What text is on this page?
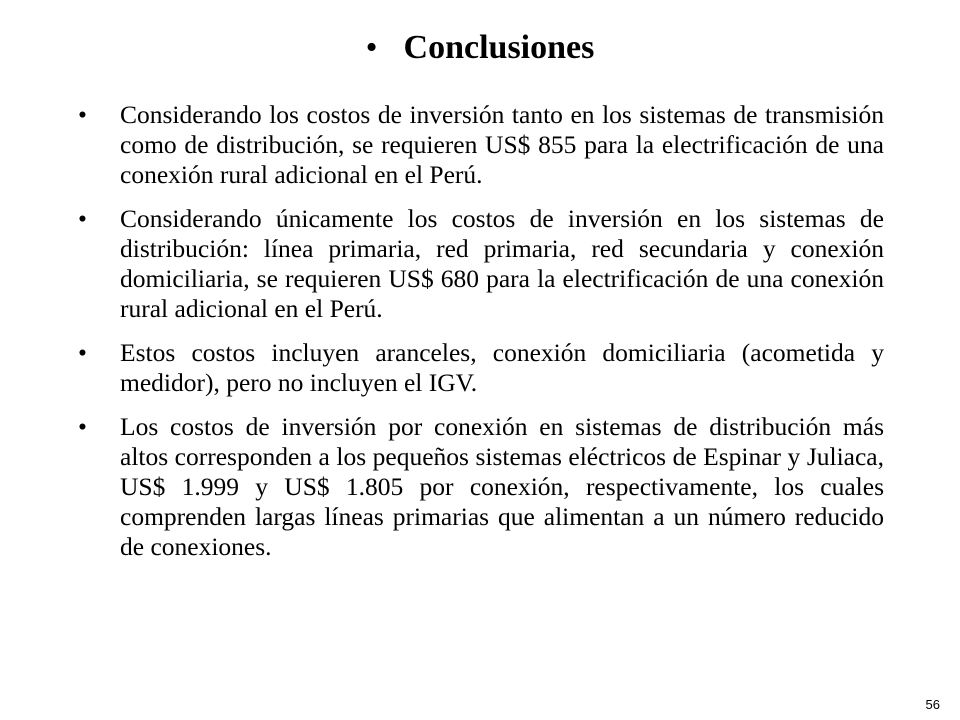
• Conclusiones
• Considerando los costos de inversión tanto en los sistemas de transmisión como de distribución, se requieren US$ 855 para la electrificación de una conexión rural adicional en el Perú.
• Considerando únicamente los costos de inversión en los sistemas de distribución: línea primaria, red primaria, red secundaria y conexión domiciliaria, se requieren US$ 680 para la electrificación de una conexión rural adicional en el Perú.
• Estos costos incluyen aranceles, conexión domiciliaria (acometida y medidor), pero no incluyen el IGV.
• Los costos de inversión por conexión en sistemas de distribución más altos corresponden a los pequeños sistemas eléctricos de Espinar y Juliaca, US$ 1.999 y US$ 1.805 por conexión, respectivamente, los cuales comprenden largas líneas primarias que alimentan a un número reducido de conexiones.
56
